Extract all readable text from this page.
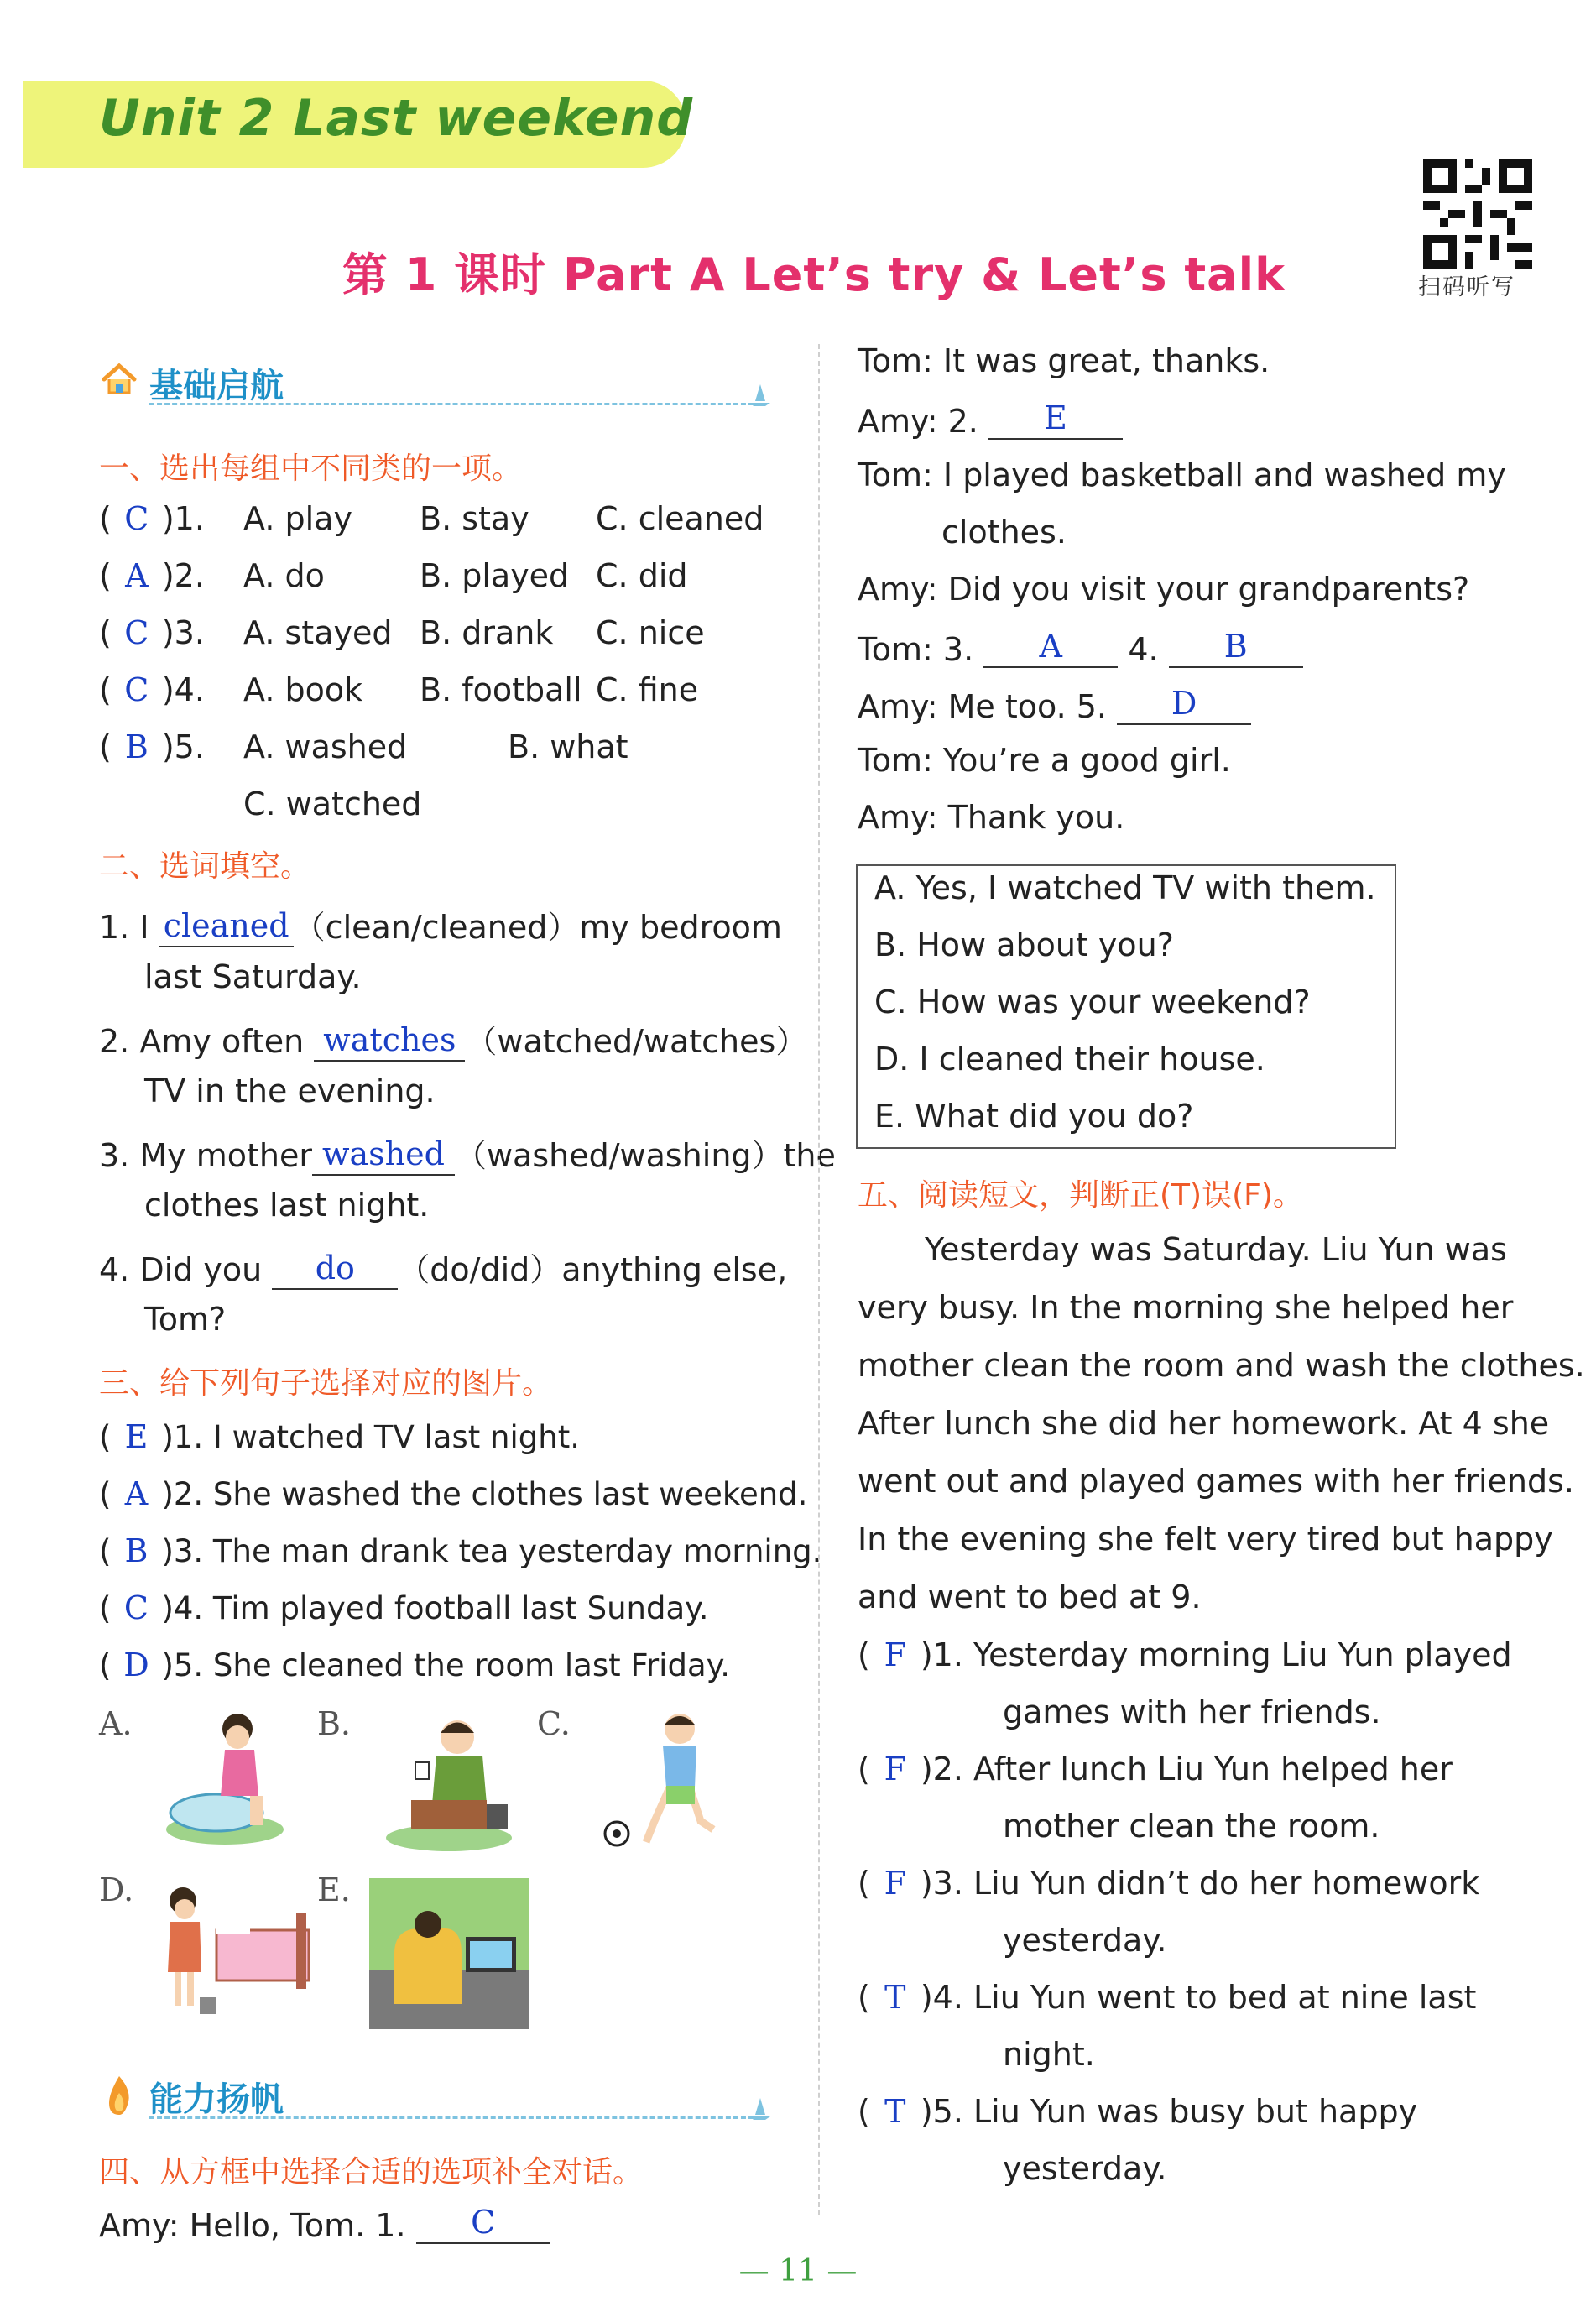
Unit 2 Last weekend
第 1 课时 Part A Let’s try & Let’s talk	扫码听写
基础启航
一、选出每组中不同类的一项。
( C )1. A. play B. stay C. cleaned
( A )2. A. do	B. played C. did
( C )3. A. stayed B. drank C. nice
( C )4. A. book B. football C. fine
( B )5. A. washed	B. what
C. watched
二、选词填空。
1. I cleaned （clean/cleaned）my bedroom
last Saturday.
2. Amy often watches （watched/watches）
TV in the evening.
3. My mother washed （washed/washing）the
clothes last night.
4. Did you do （do/did）anything else,
Tom?
三、给下列句子选择对应的图片。
( E )1. I watched TV last night.
( A )2. She washed the clothes last weekend.
( B )3. The man drank tea yesterday morning.
( C )4. Tim played football last Sunday.
( D )5. She cleaned the room last Friday.
A.	B.	C.
D.	E.
能力扬帆
四、从方框中选择合适的选项补全对话。
Amy: Hello, Tom. 1. C
Tom: It was great, thanks.
Amy: 2. E
Tom: I played basketball and washed my
clothes.
Amy: Did you visit your grandparents?
Tom: 3. A 4. B
Amy: Me too. 5. D
Tom: You’re a good girl.
Amy: Thank you.
A. Yes, I watched TV with them.
B. How about you?
C. How was your weekend?
D. I cleaned their house.
E. What did you do?
五、阅读短文，判断正(T)误(F)。
Yesterday was Saturday. Liu Yun was
very busy. In the morning she helped her
mother clean the room and wash the clothes.
After lunch she did her homework. At 4 she
went out and played games with her friends.
In the evening she felt very tired but happy
and went to bed at 9.
( F )1. Yesterday morning Liu Yun played
games with her friends.
( F )2. After lunch Liu Yun helped her
mother clean the room.
( F )3. Liu Yun didn’t do her homework
yesterday.
( T )4. Liu Yun went to bed at nine last
night.
( T )5. Liu Yun was busy but happy
yesterday.
— 11 —
